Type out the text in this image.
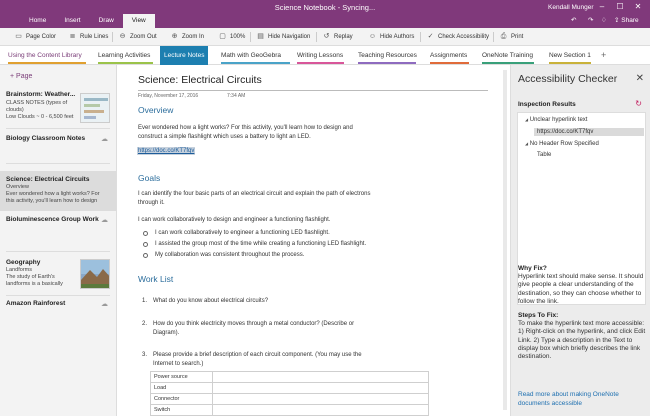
Science Notebook - Syncing...	Kendall Munger –	☐	✕
Home	Insert	Draw	View	↶ ↷ ♢ ⇪ Share
▭ Page Color ≣ Rule Lines ⊖ Zoom Out ⊕ Zoom In ▢ 100% ▤ Hide Navigation ↺ Replay ☺ Hide Authors ✓ Check Accessibility ⎙ Print
Using the Content Library	Learning Activities	Lecture Notes	Math with GeoGebra Writing Lessons Teaching Resources Assignments OneNote Training New Section 1 +
+ Page
Brainstorm: Weather...
CLASS NOTES (types of
clouds)
Low Clouds ~ 0 - 6,500 feet
Biology Classroom Notes ☁
Science: Electrical Circuits
Overview
Ever wondered how a light works? For
this activity, you'll learn how to design
Bioluminescence Group Work ☁
Geography
Landforms
The study of Earth's
landforms is a basically
Amazon Rainforest	☁
Science: Electrical Circuits
Friday, November 17, 2016	7:34 AM
Overview
Ever wondered how a light works? For this activity, you'll learn how to design and
construct a simple flashlight which uses a battery to light an LED.
https://doc.co/KT7fqv
Goals
I can identify the four basic parts of an electrical circuit and explain the path of electrons
through it.
I can work collaboratively to design and engineer a functioning flashlight.
I can work collaboratively to engineer a functioning LED flashlight.
I assisted the group most of the time while creating a functioning LED flashlight.
My collaboration was consistent throughout the process.
Work List
1. What do you know about electrical circuits?
2. How do you think electricity moves through a metal conductor? (Describe or
Diagram).
3. Please provide a brief description of each circuit component. (You may use the
Internet to search.)
Power source	
Load	
Connector	
Switch	
Accessibility Checker ✕
Inspection Results	↻
◢ Unclear hyperlink text
https://doc.co/KT7fqv
◢ No Header Row Specified
Table
Why Fix?
Hyperlink text should make sense. It should give people a clear understanding of the destination, so they can choose whether to follow the link.
Steps To Fix:
To make the hyperlink text more accessible: 1) Right-click on the hyperlink, and click Edit Link. 2) Type a description in the Text to display box which briefly describes the link destination.
Read more about making OneNote documents accessible
